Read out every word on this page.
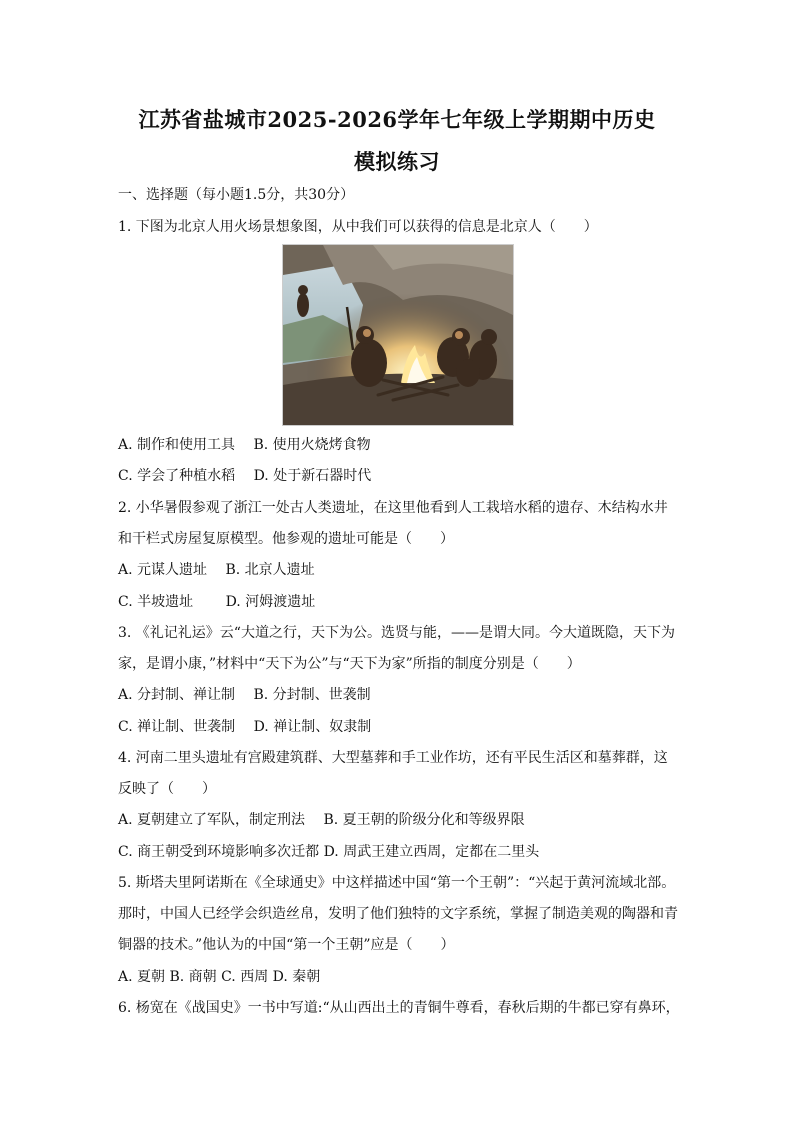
江苏省盐城市2025-2026学年七年级上学期期中历史
模拟练习
一、选择题（每小题1.5分，共30分）
1. 下图为北京人用火场景想象图，从中我们可以获得的信息是北京人（　　）
A. 制作和使用工具　 B. 使用火烧烤食物
C. 学会了种植水稻　 D. 处于新石器时代
2. 小华暑假参观了浙江一处古人类遗址，在这里他看到人工栽培水稻的遗存、木结构水井
和干栏式房屋复原模型。他参观的遗址可能是（　　）
A. 元谋人遗址　 B. 北京人遗址
C. 半坡遗址　　 D. 河姆渡遗址
3. 《礼记礼运》云“大道之行，天下为公。选贤与能，——是谓大同。今大道既隐，天下为
家，是谓小康，”材料中“天下为公”与“天下为家”所指的制度分别是（　　）
A. 分封制、禅让制　 B. 分封制、世袭制
C. 禅让制、世袭制　 D. 禅让制、奴隶制
4. 河南二里头遗址有宫殿建筑群、大型墓葬和手工业作坊，还有平民生活区和墓葬群，这
反映了（　　）
A. 夏朝建立了军队，制定刑法　 B. 夏王朝的阶级分化和等级界限
C. 商王朝受到环境影响多次迁都 D. 周武王建立西周，定都在二里头
5. 斯塔夫里阿诺斯在《全球通史》中这样描述中国“第一个王朝”：“兴起于黄河流域北部。
那时，中国人已经学会织造丝帛，发明了他们独特的文字系统，掌握了制造美观的陶器和青
铜器的技术。”他认为的中国“第一个王朝”应是（　　）
A. 夏朝 B. 商朝 C. 西周 D. 秦朝
6. 杨宽在《战国史》一书中写道:“从山西出土的青铜牛尊看，春秋后期的牛都已穿有鼻环，
